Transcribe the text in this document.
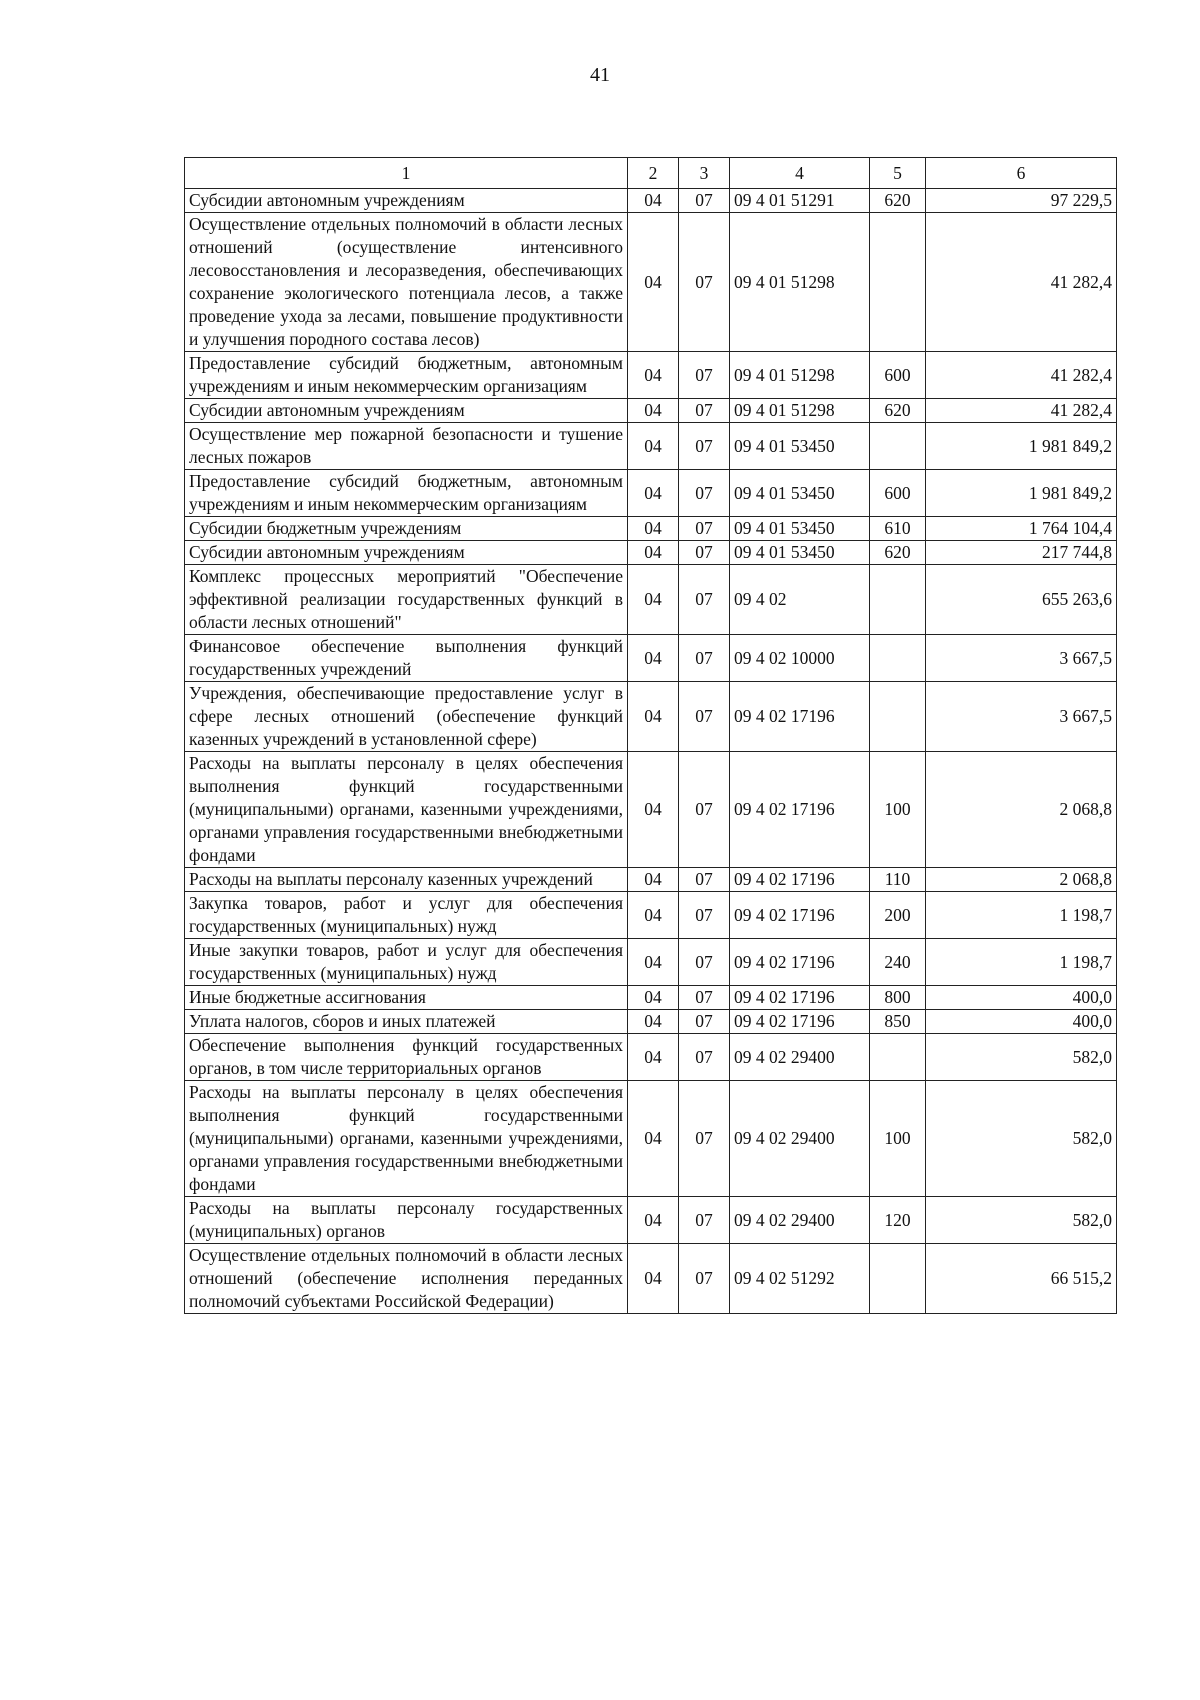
41
1	2	3	4	5	6
Субсидии автономным учреждениям	04	07	09 4 01 51291	620	97 229,5
Осуществление отдельных полномочий в области лесных отношений (осуществление интенсивного лесовосстановления и лесоразведения, обеспечивающих сохранение экологического потенциала лесов, а также проведение ухода за лесами, повышение продуктивности и улучшения породного состава лесов)	04	07	09 4 01 51298		41 282,4
Предоставление субсидий бюджетным, автономным учреждениям и иным некоммерческим организациям	04	07	09 4 01 51298	600	41 282,4
Субсидии автономным учреждениям	04	07	09 4 01 51298	620	41 282,4
Осуществление мер пожарной безопасности и тушение лесных пожаров	04	07	09 4 01 53450		1 981 849,2
Предоставление субсидий бюджетным, автономным учреждениям и иным некоммерческим организациям	04	07	09 4 01 53450	600	1 981 849,2
Субсидии бюджетным учреждениям	04	07	09 4 01 53450	610	1 764 104,4
Субсидии автономным учреждениям	04	07	09 4 01 53450	620	217 744,8
Комплекс процессных мероприятий "Обеспечение эффективной реализации государственных функций в области лесных отношений"	04	07	09 4 02		655 263,6
Финансовое обеспечение выполнения функций государственных учреждений	04	07	09 4 02 10000		3 667,5
Учреждения, обеспечивающие предоставление услуг в сфере лесных отношений (обеспечение функций казенных учреждений в установленной сфере)	04	07	09 4 02 17196		3 667,5
Расходы на выплаты персоналу в целях обеспечения выполнения функций государственными (муниципальными) органами, казенными учреждениями, органами управления государственными внебюджетными фондами	04	07	09 4 02 17196	100	2 068,8
Расходы на выплаты персоналу казенных учреждений	04	07	09 4 02 17196	110	2 068,8
Закупка товаров, работ и услуг для обеспечения государственных (муниципальных) нужд	04	07	09 4 02 17196	200	1 198,7
Иные закупки товаров, работ и услуг для обеспечения государственных (муниципальных) нужд	04	07	09 4 02 17196	240	1 198,7
Иные бюджетные ассигнования	04	07	09 4 02 17196	800	400,0
Уплата налогов, сборов и иных платежей	04	07	09 4 02 17196	850	400,0
Обеспечение выполнения функций государственных органов, в том числе территориальных органов	04	07	09 4 02 29400		582,0
Расходы на выплаты персоналу в целях обеспечения выполнения функций государственными (муниципальными) органами, казенными учреждениями, органами управления государственными внебюджетными фондами	04	07	09 4 02 29400	100	582,0
Расходы на выплаты персоналу государственных (муниципальных) органов	04	07	09 4 02 29400	120	582,0
Осуществление отдельных полномочий в области лесных отношений (обеспечение исполнения переданных полномочий субъектами Российской Федерации)	04	07	09 4 02 51292		66 515,2
